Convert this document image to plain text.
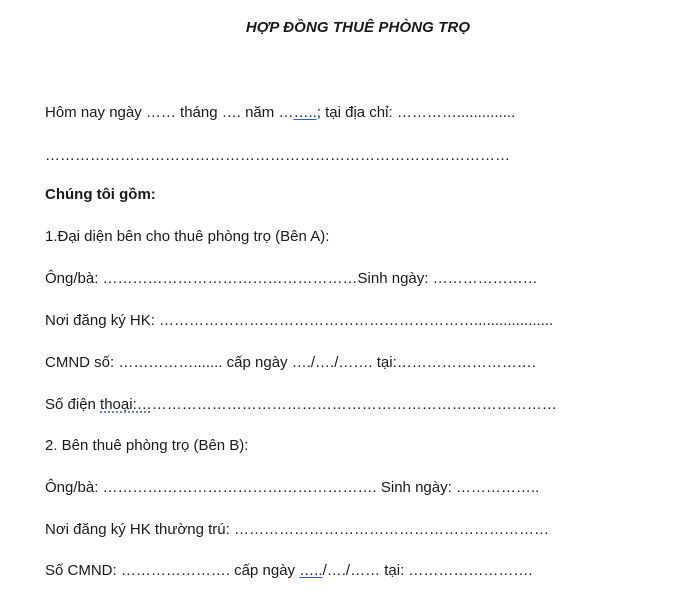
HỢP ĐỒNG THUÊ PHÒNG TRỌ
Hôm nay ngày …… tháng …. năm ……..; tại địa chỉ: …………..............
…………………………………………………………………………………
Chúng tôi gồm:
1.Đại diện bên cho thuê phòng trọ (Bên A):
Ông/bà: ……………………………………………Sinh ngày: …………………
Nơi đăng ký HK: ………………………………………………………...................
CMND số: ……………....... cấp ngày …./…./……. tại:……………………….
Số điện thoại:…………………………………………………………………………
2. Bên thuê phòng trọ (Bên B):
Ông/bà: ………………………………………………. Sinh ngày: ……………..
Nơi đăng ký HK thường trú: ………………………………………………………
Số CMND: …………………. cấp ngày …../…./…… tại: …………………….
